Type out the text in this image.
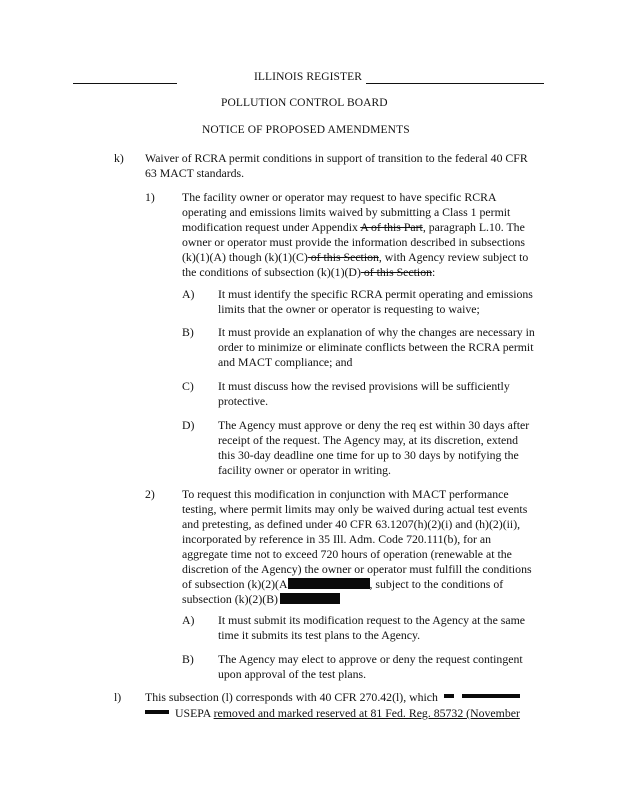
ILLINOIS REGISTER
POLLUTION CONTROL BOARD
NOTICE OF PROPOSED AMENDMENTS
k) Waiver of RCRA permit conditions in support of transition to the federal 40 CFR
63 MACT standards.
1) The facility owner or operator may request to have specific RCRA
operating and emissions limits waived by submitting a Class 1 permit
modification request under Appendix A of this Part, paragraph L.10. The
owner or operator must provide the information described in subsections
(k)(1)(A) though (k)(1)(C) of this Section, with Agency review subject to
the conditions of subsection (k)(1)(D) of this Section:
A) It must identify the specific RCRA permit operating and emissions
limits that the owner or operator is requesting to waive;
B) It must provide an explanation of why the changes are necessary in
order to minimize or eliminate conflicts between the RCRA permit
and MACT compliance; and
C) It must discuss how the revised provisions will be sufficiently
protective.
D) The Agency must approve or deny the req est within 30 days after
receipt of the request. The Agency may, at its discretion, extend
this 30-day deadline one time for up to 30 days by notifying the
facility owner or operator in writing.
2) To request this modification in conjunction with MACT performance
testing, where permit limits may only be waived during actual test events
and pretesting, as defined under 40 CFR 63.1207(h)(2)(i) and (h)(2)(ii),
incorporated by reference in 35 Ill. Adm. Code 720.111(b), for an
aggregate time not to exceed 720 hours of operation (renewable at the
discretion of the Agency) the owner or operator must fulfill the conditions
of subsection (k)(2)(A	, subject to the conditions of
subsection (k)(2)(B)
A) It must submit its modification request to the Agency at the same
time it submits its test plans to the Agency.
B) The Agency may elect to approve or deny the request contingent
upon approval of the test plans.
l) This subsection (l) corresponds with 40 CFR 270.42(l), which
USEPA removed and marked reserved at 81 Fed. Reg. 85732 (November
